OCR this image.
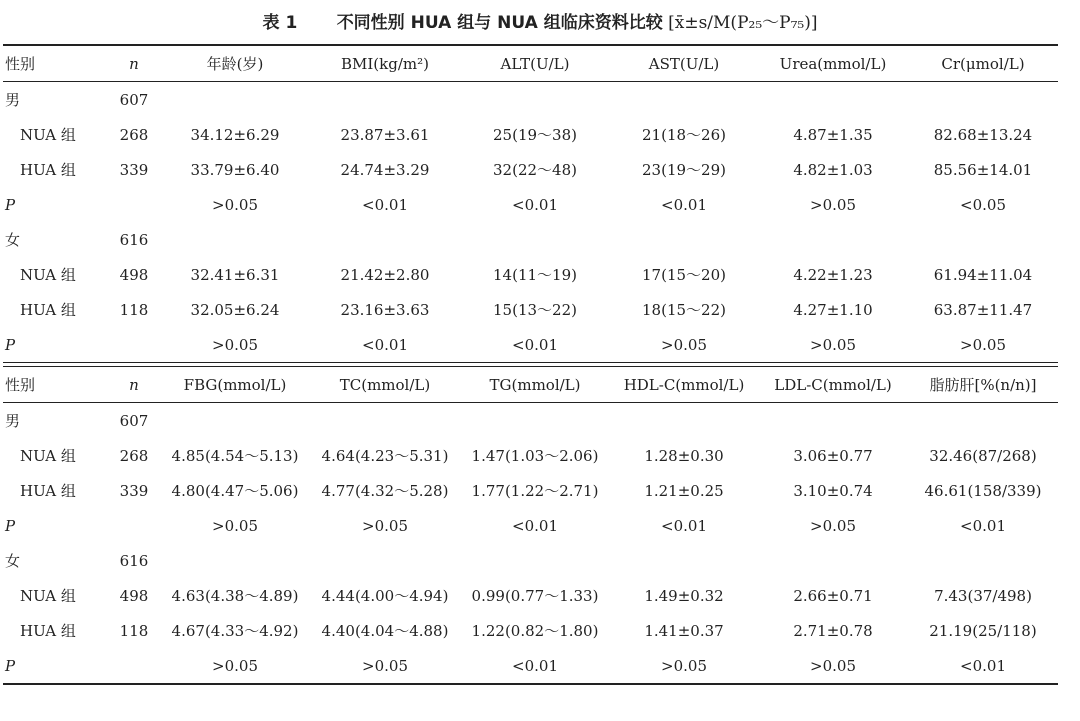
表 1 不同性别 HUA 组与 NUA 组临床资料比较 [x̄±s/M(P₂₅～P₇₅)]
性别	n	年龄(岁)	BMI(kg/m²)	ALT(U/L)	AST(U/L)	Urea(mmol/L)	Cr(μmol/L)
男	607						
NUA 组	268	34.12±6.29	23.87±3.61	25(19～38)	21(18～26)	4.87±1.35	82.68±13.24
HUA 组	339	33.79±6.40	24.74±3.29	32(22～48)	23(19～29)	4.82±1.03	85.56±14.01
P		>0.05	<0.01	<0.01	<0.01	>0.05	<0.05
女	616						
NUA 组	498	32.41±6.31	21.42±2.80	14(11～19)	17(15～20)	4.22±1.23	61.94±11.04
HUA 组	118	32.05±6.24	23.16±3.63	15(13～22)	18(15～22)	4.27±1.10	63.87±11.47
P		>0.05	<0.01	<0.01	>0.05	>0.05	>0.05
性别	n	FBG(mmol/L)	TC(mmol/L)	TG(mmol/L)	HDL-C(mmol/L)	LDL-C(mmol/L)	脂肪肝[%(n/n)]
男	607						
NUA 组	268	4.85(4.54～5.13)	4.64(4.23～5.31)	1.47(1.03～2.06)	1.28±0.30	3.06±0.77	32.46(87/268)
HUA 组	339	4.80(4.47～5.06)	4.77(4.32～5.28)	1.77(1.22～2.71)	1.21±0.25	3.10±0.74	46.61(158/339)
P		>0.05	>0.05	<0.01	<0.01	>0.05	<0.01
女	616						
NUA 组	498	4.63(4.38～4.89)	4.44(4.00～4.94)	0.99(0.77～1.33)	1.49±0.32	2.66±0.71	7.43(37/498)
HUA 组	118	4.67(4.33～4.92)	4.40(4.04～4.88)	1.22(0.82～1.80)	1.41±0.37	2.71±0.78	21.19(25/118)
P		>0.05	>0.05	<0.01	>0.05	>0.05	<0.01
